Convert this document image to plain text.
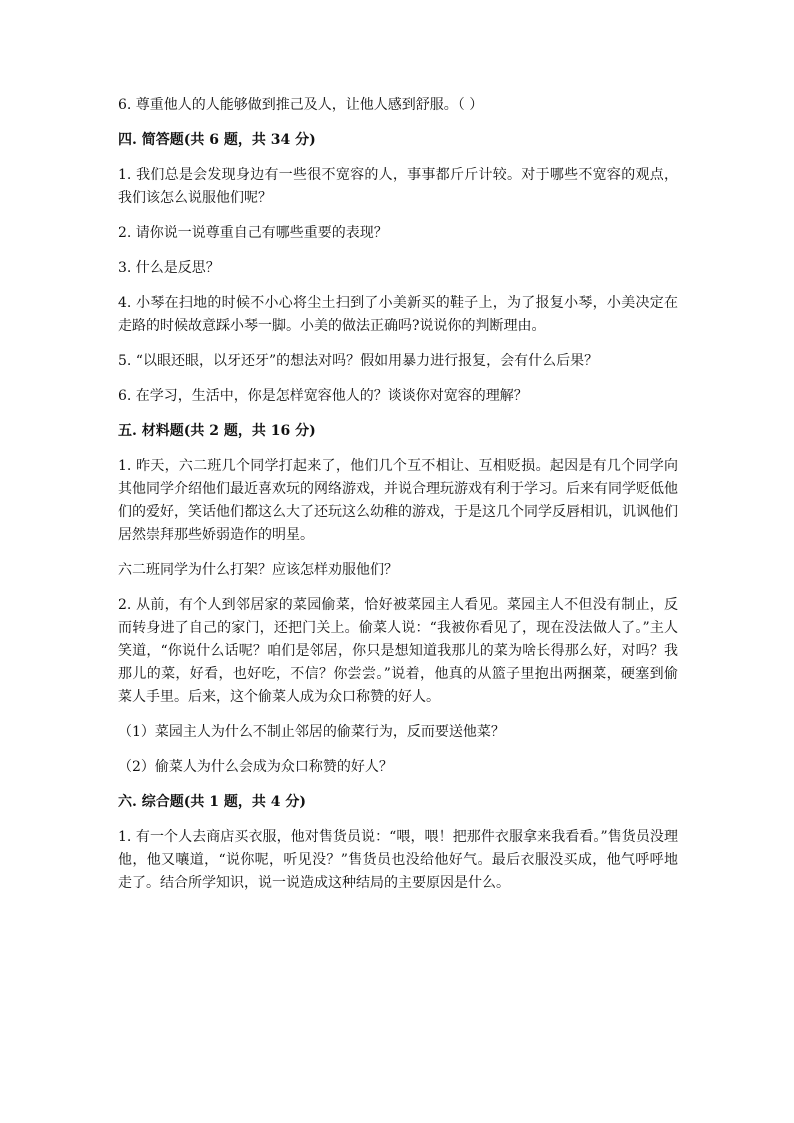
6. 尊重他人的人能够做到推己及人，让他人感到舒服。（ ）

四. 简答题(共 6 题，共 34 分)

1. 我们总是会发现身边有一些很不宽容的人，事事都斤斤计较。对于哪些不宽容的观点，我们该怎么说服他们呢？

2. 请你说一说尊重自己有哪些重要的表现？

3. 什么是反思？

4. 小琴在扫地的时候不小心将尘土扫到了小美新买的鞋子上，为了报复小琴，小美决定在走路的时候故意踩小琴一脚。小美的做法正确吗?说说你的判断理由。

5. “以眼还眼，以牙还牙”的想法对吗？假如用暴力进行报复，会有什么后果？

6. 在学习，生活中，你是怎样宽容他人的？谈谈你对宽容的理解？

五. 材料题(共 2 题，共 16 分)

1. 昨天，六二班几个同学打起来了，他们几个互不相让、互相贬损。起因是有几个同学向其他同学介绍他们最近喜欢玩的网络游戏，并说合理玩游戏有利于学习。后来有同学贬低他们的爱好，笑话他们都这么大了还玩这么幼稚的游戏，于是这几个同学反唇相讥，讥讽他们居然崇拜那些娇弱造作的明星。

六二班同学为什么打架？应该怎样劝服他们？

2. 从前，有个人到邻居家的菜园偷菜，恰好被菜园主人看见。菜园主人不但没有制止，反而转身进了自己的家门，还把门关上。偷菜人说：“我被你看见了，现在没法做人了。”主人笑道，“你说什么话呢？咱们是邻居，你只是想知道我那儿的菜为啥长得那么好，对吗？我那儿的菜，好看，也好吃，不信？你尝尝。”说着，他真的从篮子里抱出两捆菜，硬塞到偷菜人手里。后来，这个偷菜人成为众口称赞的好人。

（1）菜园主人为什么不制止邻居的偷菜行为，反而要送他菜？

（2）偷菜人为什么会成为众口称赞的好人？

六. 综合题(共 1 题，共 4 分)

1. 有一个人去商店买衣服，他对售货员说：“喂，喂！把那件衣服拿来我看看。”售货员没理他，他又嚷道，“说你呢，听见没？”售货员也没给他好气。最后衣服没买成，他气呼呼地走了。结合所学知识，说一说造成这种结局的主要原因是什么。
